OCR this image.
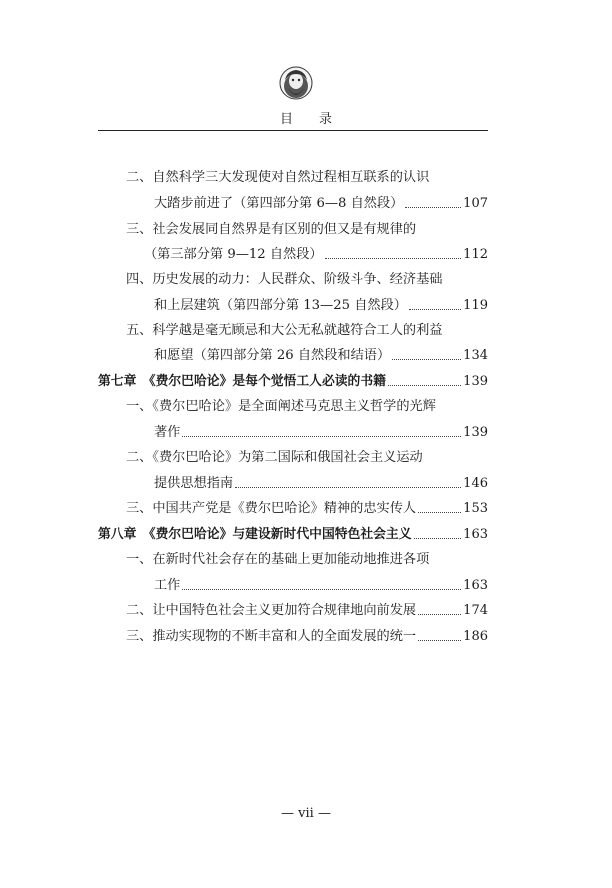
目　　录
二、自然科学三大发现使对自然过程相互联系的认识
大踏步前进了（第四部分第 6—8 自然段）	107
三、社会发展同自然界是有区别的但又是有规律的
（第三部分第 9—12 自然段）	112
四、历史发展的动力：人民群众、阶级斗争、经济基础
和上层建筑（第四部分第 13—25 自然段）	119
五、科学越是毫无顾忌和大公无私就越符合工人的利益
和愿望（第四部分第 26 自然段和结语）	134
第七章　《费尔巴哈论》是每个觉悟工人必读的书籍	139
一、《费尔巴哈论》是全面阐述马克思主义哲学的光辉
著作	139
二、《费尔巴哈论》为第二国际和俄国社会主义运动
提供思想指南	146
三、中国共产党是《费尔巴哈论》精神的忠实传人	153
第八章　《费尔巴哈论》与建设新时代中国特色社会主义	163
一、在新时代社会存在的基础上更加能动地推进各项
工作	163
二、让中国特色社会主义更加符合规律地向前发展	174
三、推动实现物的不断丰富和人的全面发展的统一	186
— vii —
